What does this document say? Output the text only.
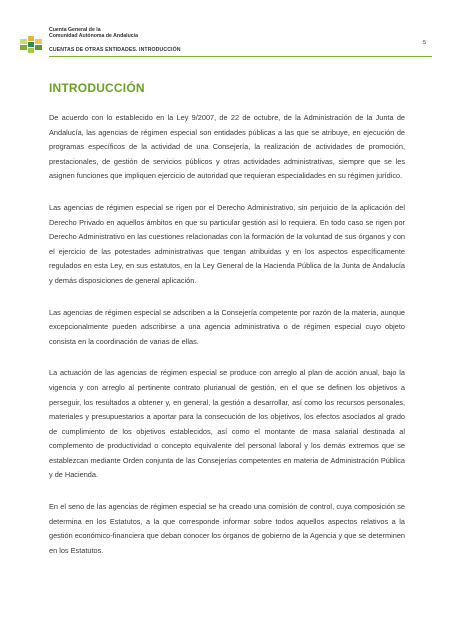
Cuenta General de la
Comunidad Autónoma de Andalucía
CUENTAS DE OTRAS ENTIDADES. INTRODUCCIÓN
5
INTRODUCCIÓN

De acuerdo con lo establecido en la Ley 9/2007, de 22 de octubre, de la Administración de la Junta de Andalucía, las agencias de régimen especial son entidades públicas a las que se atribuye, en ejecución de programas específicos de la actividad de una Consejería, la realización de actividades de promoción, prestacionales, de gestión de servicios públicos y otras actividades administrativas, siempre que se les asignen funciones que impliquen ejercicio de autoridad que requieran especialidades en su régimen jurídico.

Las agencias de régimen especial se rigen por el Derecho Administrativo, sin perjuicio de la aplicación del Derecho Privado en aquellos ámbitos en que su particular gestión así lo requiera. En todo caso se rigen por Derecho Administrativo en las cuestiones relacionadas con la formación de la voluntad de sus órganos y con el ejercicio de las potestades administrativas que tengan atribuidas y en los aspectos específicamente regulados en esta Ley, en sus estatutos, en la Ley General de la Hacienda Pública de la Junta de Andalucía y demás disposiciones de general aplicación.

Las agencias de régimen especial se adscriben a la Consejería competente por razón de la materia, aunque excepcionalmente pueden adscribirse a una agencia administrativa o de régimen especial cuyo objeto consista en la coordinación de varias de ellas.

La actuación de las agencias de régimen especial se produce con arreglo al plan de acción anual, bajo la vigencia y con arreglo al pertinente contrato plurianual de gestión, en el que se definen los objetivos a perseguir, los resultados a obtener y, en general, la gestión a desarrollar, así como los recursos personales, materiales y presupuestarios a aportar para la consecución de los objetivos, los efectos asociados al grado de cumplimiento de los objetivos establecidos, así como el montante de masa salarial destinada al complemento de productividad o concepto equivalente del personal laboral y los demás extremos que se establezcan mediante Orden conjunta de las Consejerías competentes en materia de Administración Pública y de Hacienda.

En el seno de las agencias de régimen especial se ha creado una comisión de control, cuya composición se determina en los Estatutos, a la que corresponde informar sobre todos aquellos aspectos relativos a la gestión económico-financiera que deban conocer los órganos de gobierno de la Agencia y que se determinen en los Estatutos.
